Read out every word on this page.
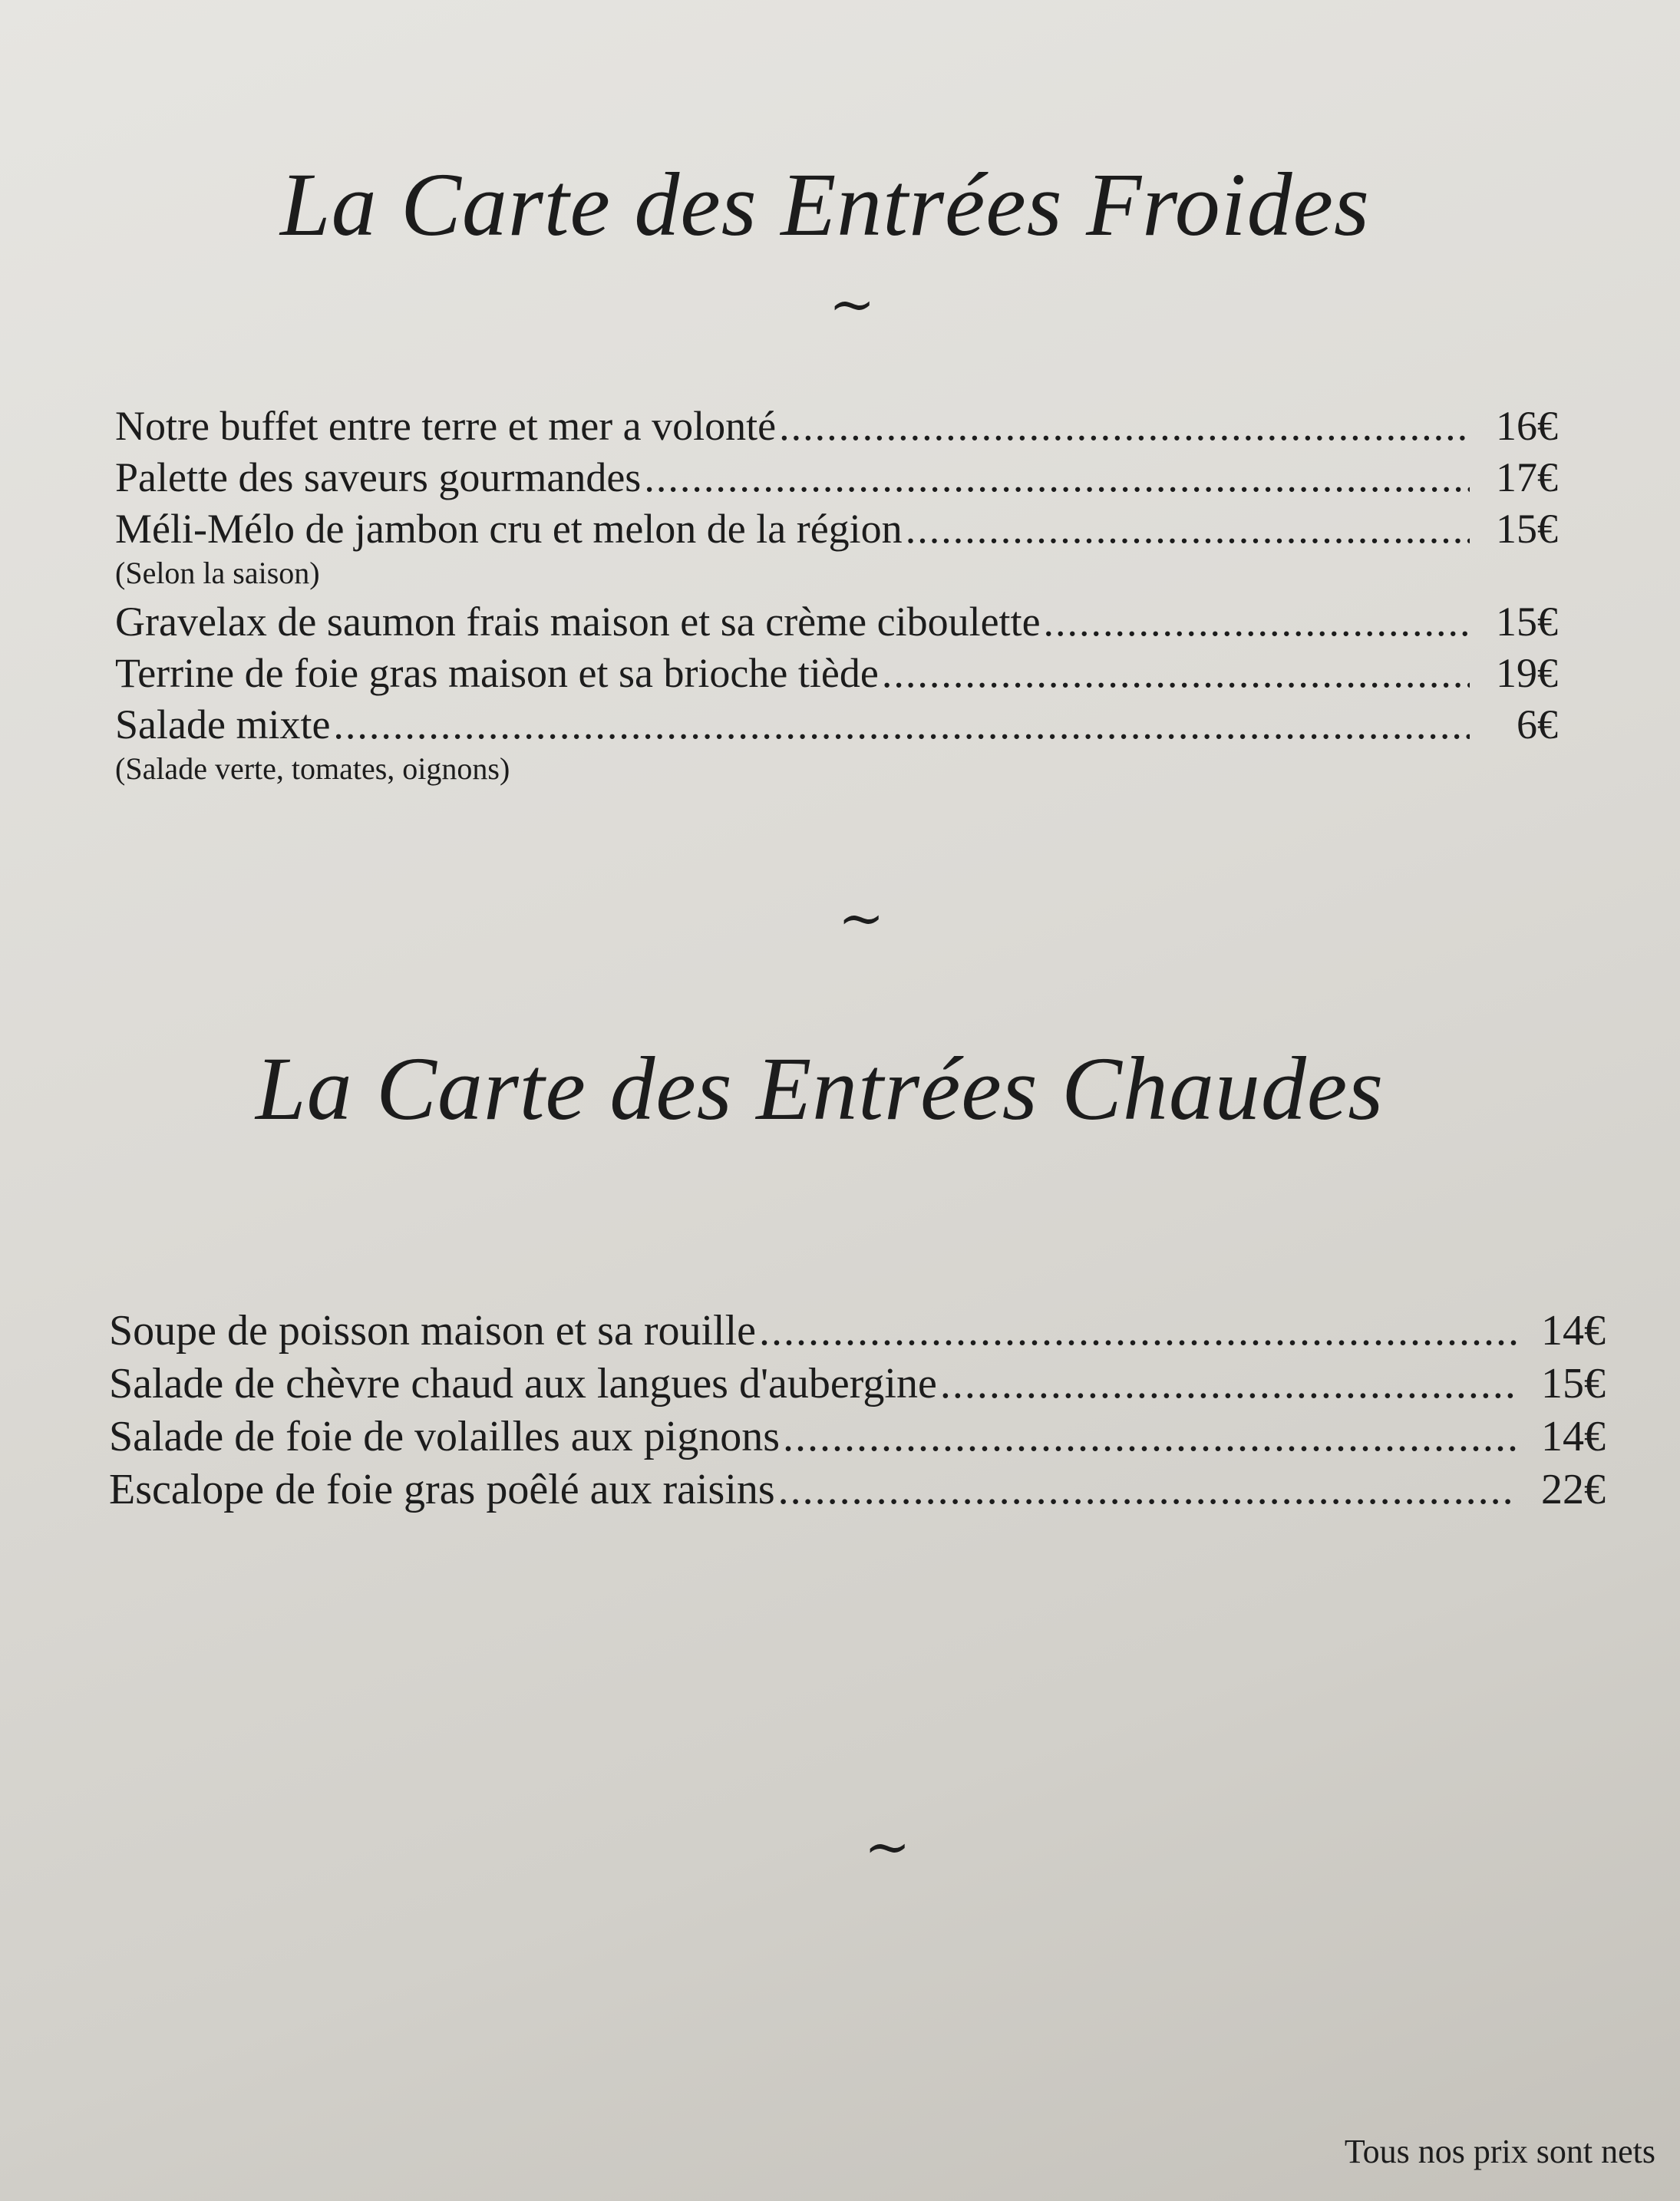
La Carte des Entrées Froides
~
Notre buffet entre terre et mer a volonté .....	16€
Palette des saveurs gourmandes .....	17€
Méli-Mélo de jambon cru et melon de la région .....	15€
(Selon la saison)
Gravelax de saumon frais maison et sa crème ciboulette .....	15€
Terrine de foie gras maison et sa brioche tiède .....	19€
Salade mixte .....	6€
(Salade verte, tomates, oignons)
~
La Carte des Entrées Chaudes
Soupe de poisson maison et sa rouille .....	14€
Salade de chèvre chaud aux langues d'aubergine .....	15€
Salade de foie de volailles aux pignons .....	14€
Escalope de foie gras poêlé aux raisins .....	22€
~
Tous nos prix sont nets
